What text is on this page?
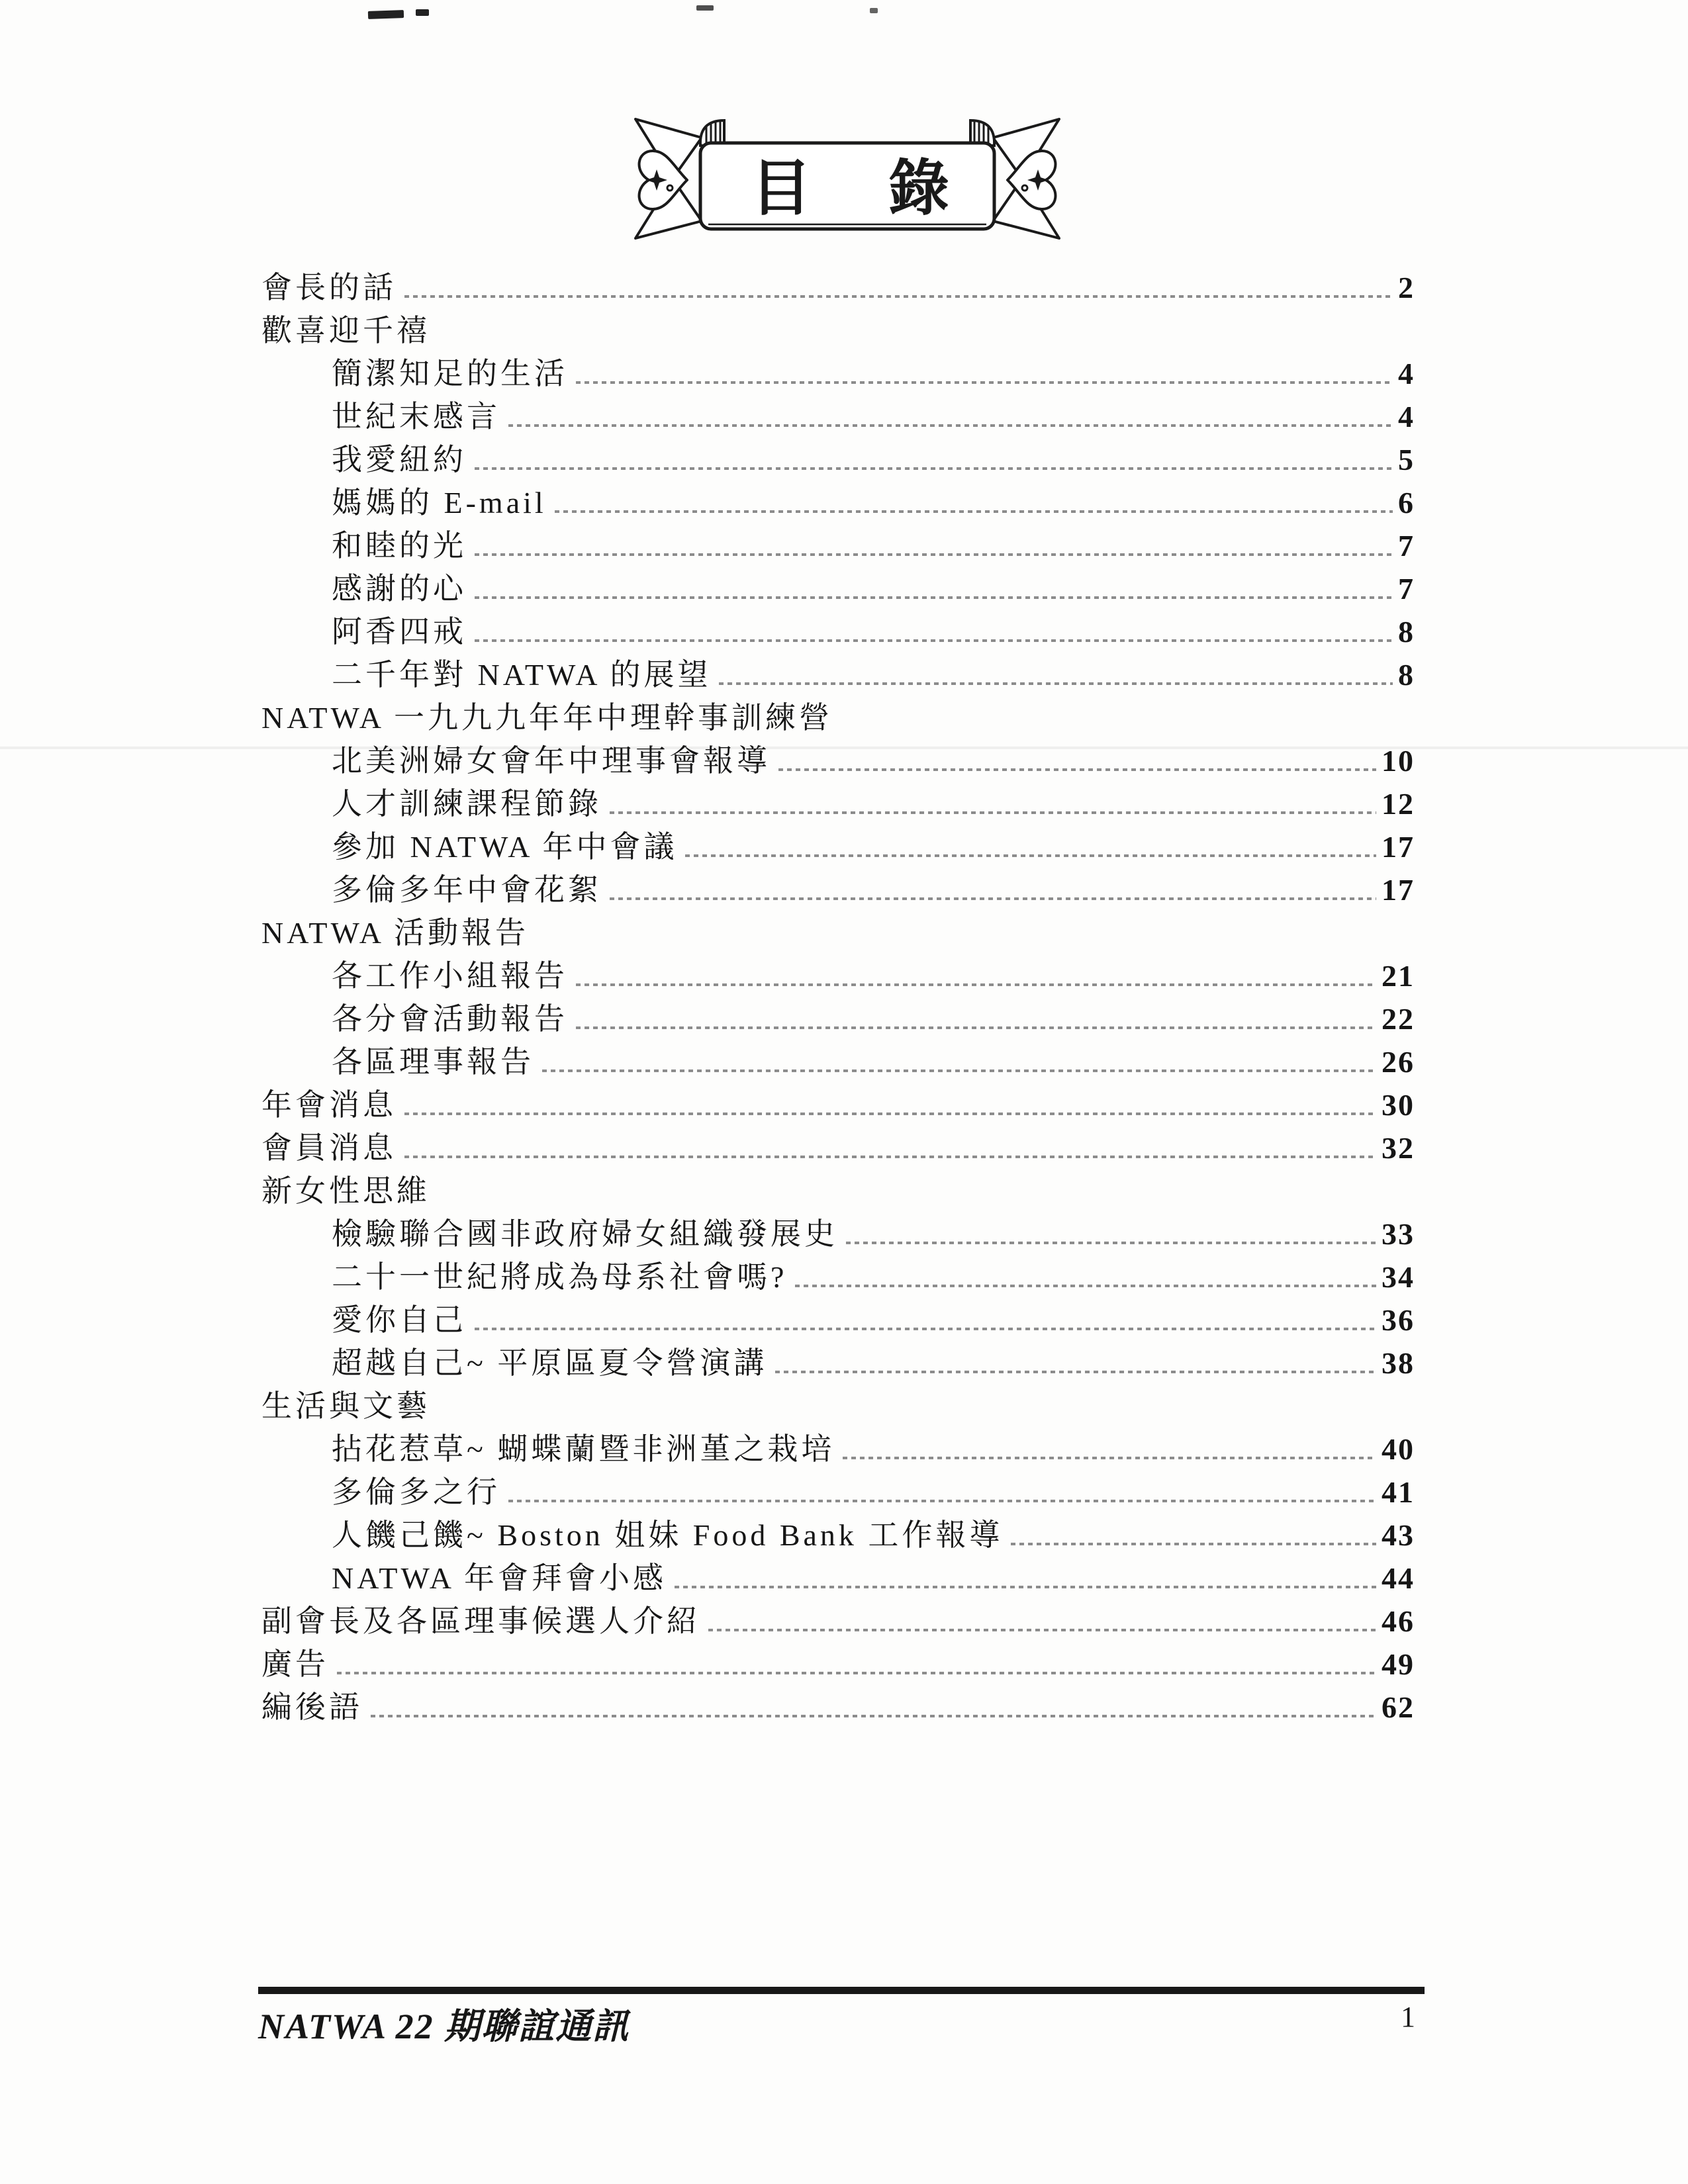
目 錄
會長的話	2
歡喜迎千禧
簡潔知足的生活	4
世紀末感言	4
我愛紐約	5
媽媽的 E-mail	6
和睦的光	7
感謝的心	7
阿香四戒	8
二千年對 NATWA 的展望	8
NATWA 一九九九年年中理幹事訓練營
北美洲婦女會年中理事會報導	10
人才訓練課程節錄	12
參加 NATWA 年中會議	17
多倫多年中會花絮	17
NATWA 活動報告
各工作小組報告	21
各分會活動報告	22
各區理事報告	26
年會消息	30
會員消息	32
新女性思維
檢驗聯合國非政府婦女組織發展史	33
二十一世紀將成為母系社會嗎?	34
愛你自己	36
超越自己~ 平原區夏令營演講	38
生活與文藝
拈花惹草~ 蝴蝶蘭暨非洲堇之栽培	40
多倫多之行	41
人饑己饑~ Boston 姐妹 Food Bank 工作報導	43
NATWA 年會拜會小感	44
副會長及各區理事候選人介紹	46
廣告	49
編後語	62
NATWA 22 期聯誼通訊	1
